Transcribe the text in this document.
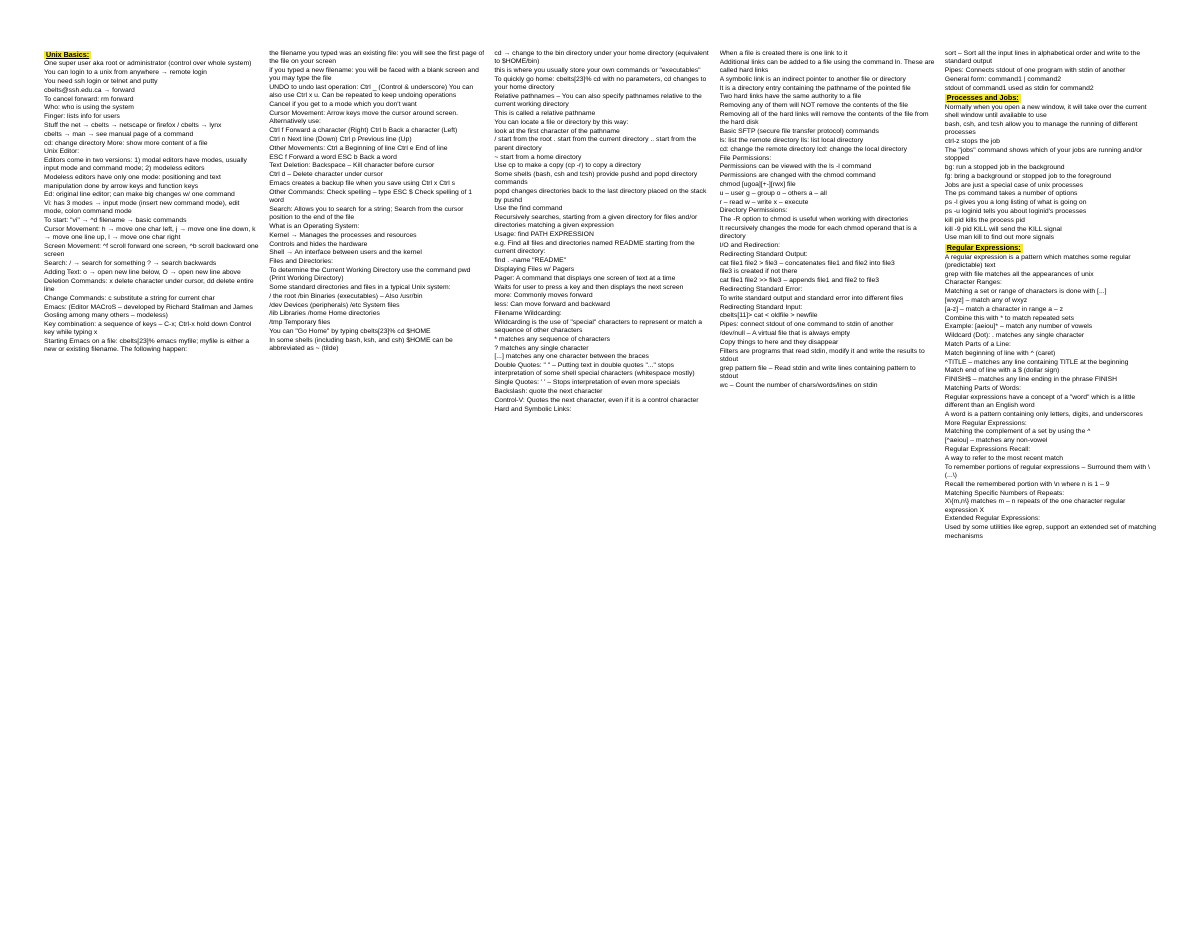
Unix Basics:

One super user aka root or administrator (control over whole system)

You can login to a unix from anywhere → remote login

You need ssh login or telnet and putty

cbelts@ssh.edu.ca → forward

To cancel forward: rm forward

Who: who is using the system

Finger: lists info for users

Stuff the net → cbelts → netscape or firefox / cbelts → lynx

cbelts → man → see manual page of a command

cd: change directory More: show more content of a file

Unix Editor:

Editors come in two versions: 1) modal editors have modes, usually input mode and command mode; 2) modeless editors

Modeless editors have only one mode: positioning and text manipulation done by arrow keys and function keys

Ed: original line editor; can make big changes w/ one command

Vi: has 3 modes → input mode (insert new command mode), edit mode, colon command mode

To start: "vi" → ^d filename → basic commands

Cursor Movement: h → move one char left, j → move one line down, k → move one line up, l → move one char right

Screen Movement: ^f scroll forward one screen, ^b scroll backward one screen

Search: / → search for something ? → search backwards

Adding Text: o → open new line below, O → open new line above

Deletion Commands: x delete character under cursor, dd delete entire line

Change Commands: c substitute a string for current char

Emacs: (Editor MACroS – developed by Richard Stallman and James Gosling among many others – modeless)

Key combination: a sequence of keys – C-x; Ctrl-x hold down Control key while typing x

Starting Emacs on a file: cbelts[23]% emacs myfile; myfile is either a new or existing filename. The following happen:

the filename you typed was an existing file: you will see the first page of the file on your screen

if you typed a new filename: you will be faced with a blank screen and you may type the file

UNDO to undo last operation: Ctrl _ (Control & underscore) You can also use Ctrl x u. Can be repeated to keep undoing operations

Cancel if you get to a mode which you don't want

Cursor Movement: Arrow keys move the cursor around screen. Alternatively use:

Ctrl f Forward a character (Right) Ctrl b Back a character (Left)

Ctrl n Next line (Down) Ctrl p Previous line (Up)

Other Movements: Ctrl a Beginning of line Ctrl e End of line

ESC f Forward a word ESC b Back a word

Text Deletion: Backspace – Kill character before cursor

Ctrl d – Delete character under cursor

Emacs creates a backup file when you save using Ctrl x Ctrl s

Other Commands: Check spelling – type ESC $ Check spelling of 1 word

Search: Allows you to search for a string; Search from the cursor position to the end of the file

What is an Operating System:

Kernel → Manages the processes and resources

Controls and hides the hardware

Shell → An interface between users and the kernel

Files and Directories:

To determine the Current Working Directory use the command pwd (Print Working Directory)

Some standard directories and files in a typical Unix system:

/ the root /bin Binaries (executables) – Also /usr/bin

/dev Devices (peripherals) /etc System files

/lib Libraries /home Home directories

/tmp Temporary files

You can "Go Home" by typing cbelts[23]% cd $HOME

In some shells (including bash, ksh, and csh) $HOME can be abbreviated as ~ (tilde)

cd → change to the bin directory under your home directory (equivalent to $HOME/bin)

this is where you usually store your own commands or "executables"

To quickly go home: cbelts[23]% cd with no parameters, cd changes to your home directory

Relative pathnames – You can also specify pathnames relative to the current working directory

This is called a relative pathname

You can locate a file or directory by this way:

look at the first character of the pathname

/ start from the root . start from the current directory .. start from the parent directory

~ start from a home directory

Use cp to make a copy (cp -r) to copy a directory

Some shells (bash, csh and tcsh) provide pushd and popd directory commands

popd changes directories back to the last directory placed on the stack by pushd

Use the find command

Recursively searches, starting from a given directory for files and/or directories matching a given expression

Usage: find PATH EXPRESSION

e.g. Find all files and directories named README starting from the current directory:

find . -name "README"

Displaying Files w/ Pagers

Pager: A command that displays one screen of text at a time

Waits for user to press a key and then displays the next screen

more: Commonly moves forward

less: Can move forward and backward

Filename Wildcarding:

Wildcarding is the use of "special" characters to represent or match a sequence of other characters

* matches any sequence of characters

? matches any single character

[...] matches any one character between the braces

Double Quotes: " " – Putting text in double quotes "..." stops interpretation of some shell special characters (whitespace mostly)

Single Quotes: ' ' – Stops interpretation of even more specials

Backslash: quote the next character

Control-V: Quotes the next character, even if it is a control character

Hard and Symbolic Links:

When a file is created there is one link to it

Additional links can be added to a file using the command ln. These are called hard links

A symbolic link is an indirect pointer to another file or directory

It is a directory entry containing the pathname of the pointed file

Two hard links have the same authority to a file

Removing any of them will NOT remove the contents of the file

Removing all of the hard links will remove the contents of the file from the hard disk

Basic SFTP (secure file transfer protocol) commands

ls: list the remote directory lls: list local directory

cd: change the remote directory lcd: change the local directory

File Permissions:

Permissions can be viewed with the ls -l command

Permissions are changed with the chmod command

chmod [ugoa][+-][rwx] file

u – user g – group o – others a – all

r – read w – write x – execute

Directory Permissions:

The -R option to chmod is useful when working with directories

It recursively changes the mode for each chmod operand that is a directory

I/O and Redirection:

Redirecting Standard Output:

cat file1 file2 > file3 – concatenates file1 and file2 into file3

file3 is created if not there

cat file1 file2 >> file3 – appends file1 and file2 to file3

Redirecting Standard Error:

To write standard output and standard error into different files

Redirecting Standard Input:

cbelts[11]> cat < oldfile > newfile

Pipes: connect stdout of one command to stdin of another

/dev/null – A virtual file that is always empty

Copy things to here and they disappear

Filters are programs that read stdin, modify it and write the results to stdout

grep pattern file – Read stdin and write lines containing pattern to stdout

wc – Count the number of chars/words/lines on stdin

sort – Sort all the input lines in alphabetical order and write to the standard output

Pipes: Connects stdout of one program with stdin of another

General form: command1 | command2

stdout of command1 used as stdin for command2

Processes and Jobs:

Normally when you open a new window, it will take over the current shell window until available to use

bash, csh, and tcsh allow you to manage the running of different processes

ctrl-z stops the job

The "jobs" command shows which of your jobs are running and/or stopped

bg: run a stopped job in the background

fg: bring a background or stopped job to the foreground

Jobs are just a special case of unix processes

The ps command takes a number of options

ps -l gives you a long listing of what is going on

ps -u loginid tells you about loginid's processes

kill pid kills the process pid

kill -9 pid KILL will send the KILL signal

Use man kill to find out more signals

Regular Expressions:

A regular expression is a pattern which matches some regular (predictable) text

grep with file matches all the appearances of unix

Character Ranges:

Matching a set or range of characters is done with [...]

[wxyz] – match any of wxyz

[a-z] – match a character in range a – z

Combine this with * to match repeated sets

Example: [aeiou]* – match any number of vowels

Wildcard (Dot): . matches any single character

Match Parts of a Line:

Match beginning of line with ^ (caret)

^TITLE – matches any line containing TITLE at the beginning

Match end of line with a $ (dollar sign)

FINISH$ – matches any line ending in the phrase FINISH

Matching Parts of Words:

Regular expressions have a concept of a "word" which is a little different than an English word

A word is a pattern containing only letters, digits, and underscores

More Regular Expressions:

Matching the complement of a set by using the ^

[^aeiou] – matches any non-vowel

Regular Expressions Recall:

A way to refer to the most recent match

To remember portions of regular expressions – Surround them with \(...\)

Recall the remembered portion with \n where n is 1 – 9

Matching Specific Numbers of Repeats:

X\{m,n\} matches m – n repeats of the one character regular expression X

Extended Regular Expressions:

Used by some utilities like egrep, support an extended set of matching mechanisms
